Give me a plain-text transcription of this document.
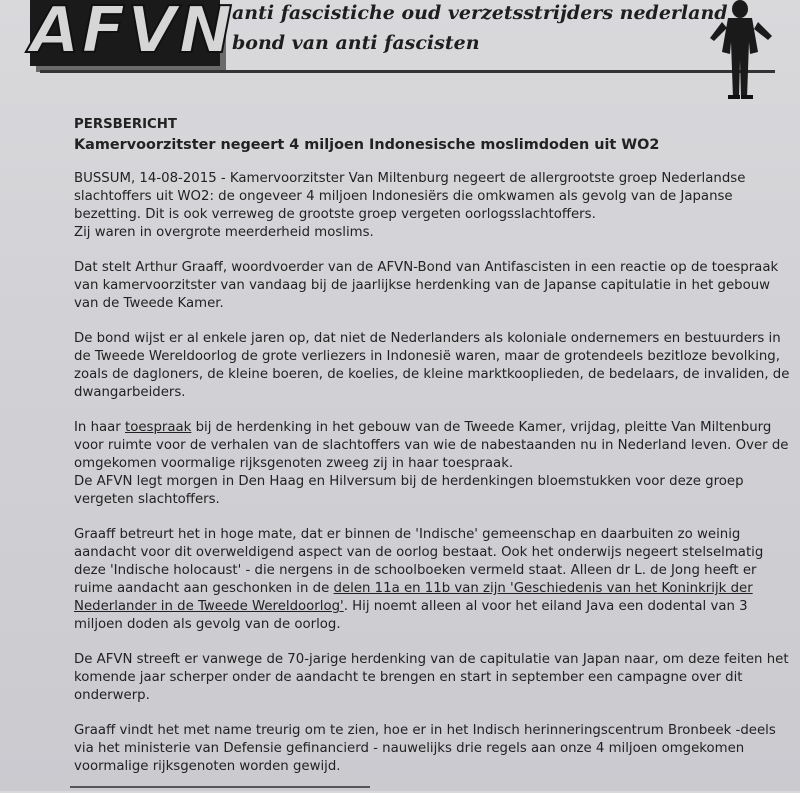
AFVN
anti fascistiche oud verzetsstrijders nederland
bond van anti fascisten
PERSBERICHT
Kamervoorzitster negeert 4 miljoen Indonesische moslimdoden uit WO2

BUSSUM, 14-08-2015 - Kamervoorzitster Van Miltenburg negeert de allergrootste groep Nederlandse
slachtoffers uit WO2: de ongeveer 4 miljoen Indonesiërs die omkwamen als gevolg van de Japanse
bezetting. Dit is ook verreweg de grootste groep vergeten oorlogsslachtoffers.
Zij waren in overgrote meerderheid moslims.

Dat stelt Arthur Graaff, woordvoerder van de AFVN-Bond van Antifascisten in een reactie op de toespraak
van kamervoorzitster van vandaag bij de jaarlijkse herdenking van de Japanse capitulatie in het gebouw
van de Tweede Kamer.

De bond wijst er al enkele jaren op, dat niet de Nederlanders als koloniale ondernemers en bestuurders in
de Tweede Wereldoorlog de grote verliezers in Indonesië waren, maar de grotendeels bezitloze bevolking,
zoals de dagloners, de kleine boeren, de koelies, de kleine marktkooplieden, de bedelaars, de invaliden, de
dwangarbeiders.

In haar toespraak bij de herdenking in het gebouw van de Tweede Kamer, vrijdag, pleitte Van Miltenburg
voor ruimte voor de verhalen van de slachtoffers van wie de nabestaanden nu in Nederland leven. Over de
omgekomen voormalige rijksgenoten zweeg zij in haar toespraak.
De AFVN legt morgen in Den Haag en Hilversum bij de herdenkingen bloemstukken voor deze groep
vergeten slachtoffers.

Graaff betreurt het in hoge mate, dat er binnen de 'Indische' gemeenschap en daarbuiten zo weinig
aandacht voor dit overweldigend aspect van de oorlog bestaat. Ook het onderwijs negeert stelselmatig
deze 'Indische holocaust' - die nergens in de schoolboeken vermeld staat. Alleen dr L. de Jong heeft er
ruime aandacht aan geschonken in de delen 11a en 11b van zijn 'Geschiedenis van het Koninkrijk der
Nederlander in de Tweede Wereldoorlog'. Hij noemt alleen al voor het eiland Java een dodental van 3
miljoen doden als gevolg van de oorlog.

De AFVN streeft er vanwege de 70-jarige herdenking van de capitulatie van Japan naar, om deze feiten het
komende jaar scherper onder de aandacht te brengen en start in september een campagne over dit
onderwerp.

Graaff vindt het met name treurig om te zien, hoe er in het Indisch herinneringscentrum Bronbeek -deels
via het ministerie van Defensie gefinancierd - nauwelijks drie regels aan onze 4 miljoen omgekomen
voormalige rijksgenoten worden gewijd.
